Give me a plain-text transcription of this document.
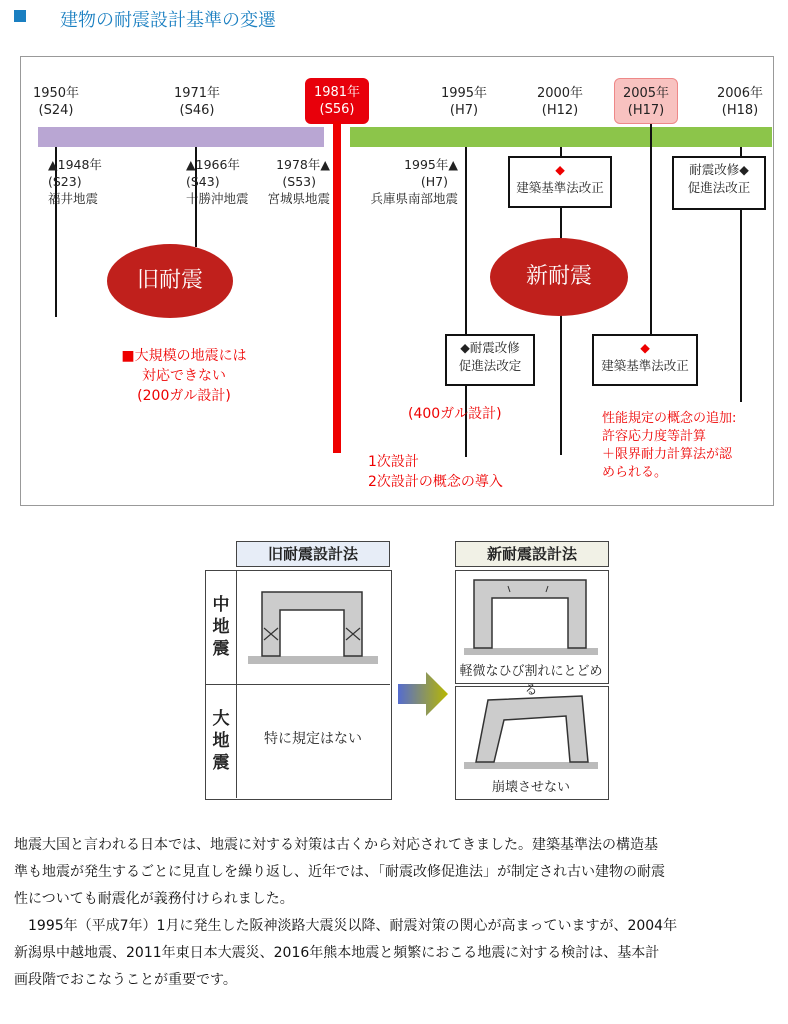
建物の耐震設計基準の変遷
1950年
(S24)
1971年
(S46)
1981年
(S56)
1995年
(H7)
2000年
(H12)
2005年
(H17)
2006年
(H18)
▲1948年
(S23)
福井地震
▲1966年
(S43)
十勝沖地震
1978年▲
(S53)
宮城県地震
1995年▲
(H7)
兵庫県南部地震
旧耐震	新耐震
◆
建築基準法改正
耐震改修◆
促進法改正
◆耐震改修
促進法改定
◆
建築基準法改正
■大規模の地震には
対応できない
(200ガル設計)
(400ガル設計)
1次設計
2次設計の概念の導入
性能規定の概念の追加:
許容応力度等計算
＋限界耐力計算法が認
められる。
旧耐震設計法	新耐震設計法
中地震
大地震
特に規定はない
軽微なひび割れにとどめる
崩壊させない
地震大国と言われる日本では、地震に対する対策は古くから対応されてきました。建築基準法の構造基
準も地震が発生するごとに見直しを繰り返し、近年では、「耐震改修促進法」が制定され古い建物の耐震
性についても耐震化が義務付けられました。
　1995年（平成7年）1月に発生した阪神淡路大震災以降、耐震対策の関心が高まっていますが、2004年
新潟県中越地震、2011年東日本大震災、2016年熊本地震と頻繁におこる地震に対する検討は、基本計
画段階でおこなうことが重要です。
